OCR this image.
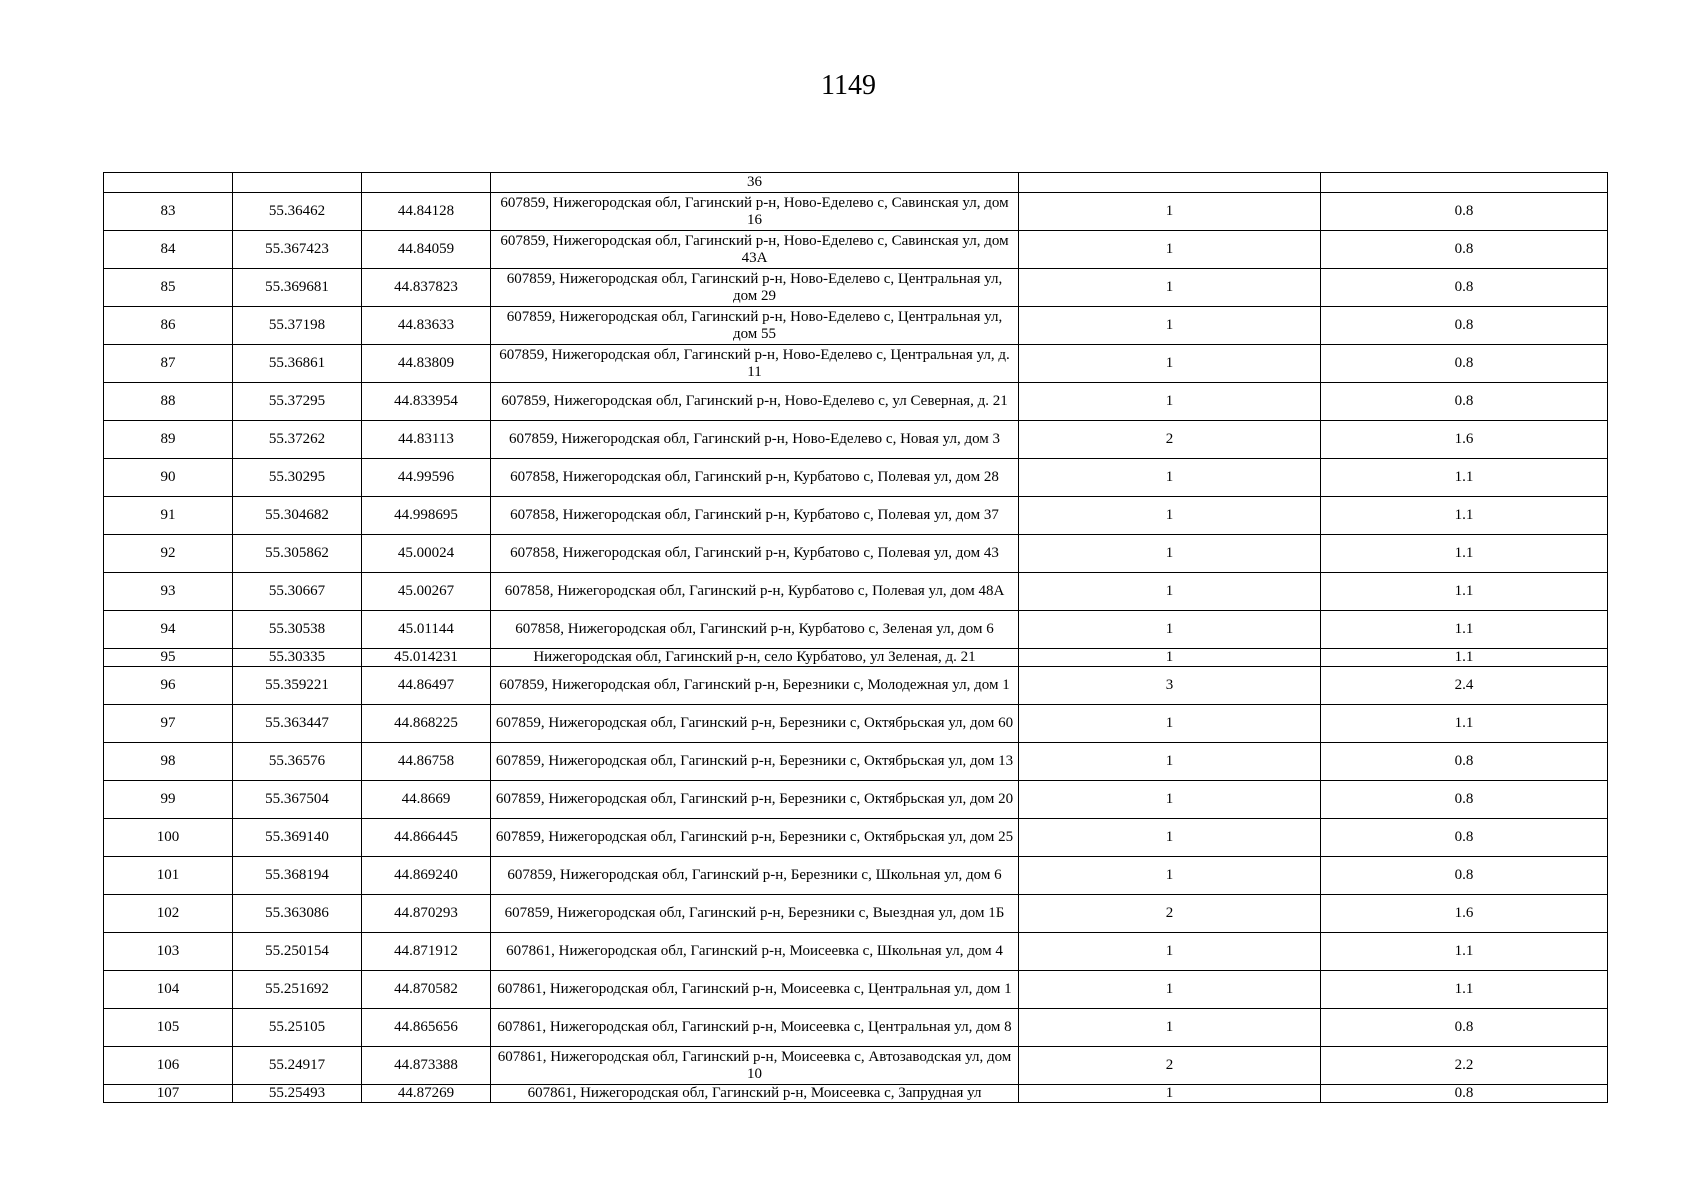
1149
			36		
83	55.36462	44.84128	607859, Нижегородская обл, Гагинский р-н, Ново-Еделево с, Савинская ул, дом 16	1	0.8
84	55.367423	44.84059	607859, Нижегородская обл, Гагинский р-н, Ново-Еделево с, Савинская ул, дом 43А	1	0.8
85	55.369681	44.837823	607859, Нижегородская обл, Гагинский р-н, Ново-Еделево с, Центральная ул, дом 29	1	0.8
86	55.37198	44.83633	607859, Нижегородская обл, Гагинский р-н, Ново-Еделево с, Центральная ул, дом 55	1	0.8
87	55.36861	44.83809	607859, Нижегородская обл, Гагинский р-н, Ново-Еделево с, Центральная ул, д. 11	1	0.8
88	55.37295	44.833954	607859, Нижегородская обл, Гагинский р-н, Ново-Еделево с, ул Северная, д. 21	1	0.8
89	55.37262	44.83113	607859, Нижегородская обл, Гагинский р-н, Ново-Еделево с, Новая ул, дом 3	2	1.6
90	55.30295	44.99596	607858, Нижегородская обл, Гагинский р-н, Курбатово с, Полевая ул, дом 28	1	1.1
91	55.304682	44.998695	607858, Нижегородская обл, Гагинский р-н, Курбатово с, Полевая ул, дом 37	1	1.1
92	55.305862	45.00024	607858, Нижегородская обл, Гагинский р-н, Курбатово с, Полевая ул, дом 43	1	1.1
93	55.30667	45.00267	607858, Нижегородская обл, Гагинский р-н, Курбатово с, Полевая ул, дом 48А	1	1.1
94	55.30538	45.01144	607858, Нижегородская обл, Гагинский р-н, Курбатово с, Зеленая ул, дом 6	1	1.1
95	55.30335	45.014231	Нижегородская обл, Гагинский р-н, село Курбатово, ул Зеленая, д. 21	1	1.1
96	55.359221	44.86497	607859, Нижегородская обл, Гагинский р-н, Березники с, Молодежная ул, дом 1	3	2.4
97	55.363447	44.868225	607859, Нижегородская обл, Гагинский р-н, Березники с, Октябрьская ул, дом 60	1	1.1
98	55.36576	44.86758	607859, Нижегородская обл, Гагинский р-н, Березники с, Октябрьская ул, дом 13	1	0.8
99	55.367504	44.8669	607859, Нижегородская обл, Гагинский р-н, Березники с, Октябрьская ул, дом 20	1	0.8
100	55.369140	44.866445	607859, Нижегородская обл, Гагинский р-н, Березники с, Октябрьская ул, дом 25	1	0.8
101	55.368194	44.869240	607859, Нижегородская обл, Гагинский р-н, Березники с, Школьная ул, дом 6	1	0.8
102	55.363086	44.870293	607859, Нижегородская обл, Гагинский р-н, Березники с, Выездная ул, дом 1Б	2	1.6
103	55.250154	44.871912	607861, Нижегородская обл, Гагинский р-н, Моисеевка с, Школьная ул, дом 4	1	1.1
104	55.251692	44.870582	607861, Нижегородская обл, Гагинский р-н, Моисеевка с, Центральная ул, дом 1	1	1.1
105	55.25105	44.865656	607861, Нижегородская обл, Гагинский р-н, Моисеевка с, Центральная ул, дом 8	1	0.8
106	55.24917	44.873388	607861, Нижегородская обл, Гагинский р-н, Моисеевка с, Автозаводская ул, дом 10	2	2.2
107	55.25493	44.87269	607861, Нижегородская обл, Гагинский р-н, Моисеевка с, Запрудная ул	1	0.8
